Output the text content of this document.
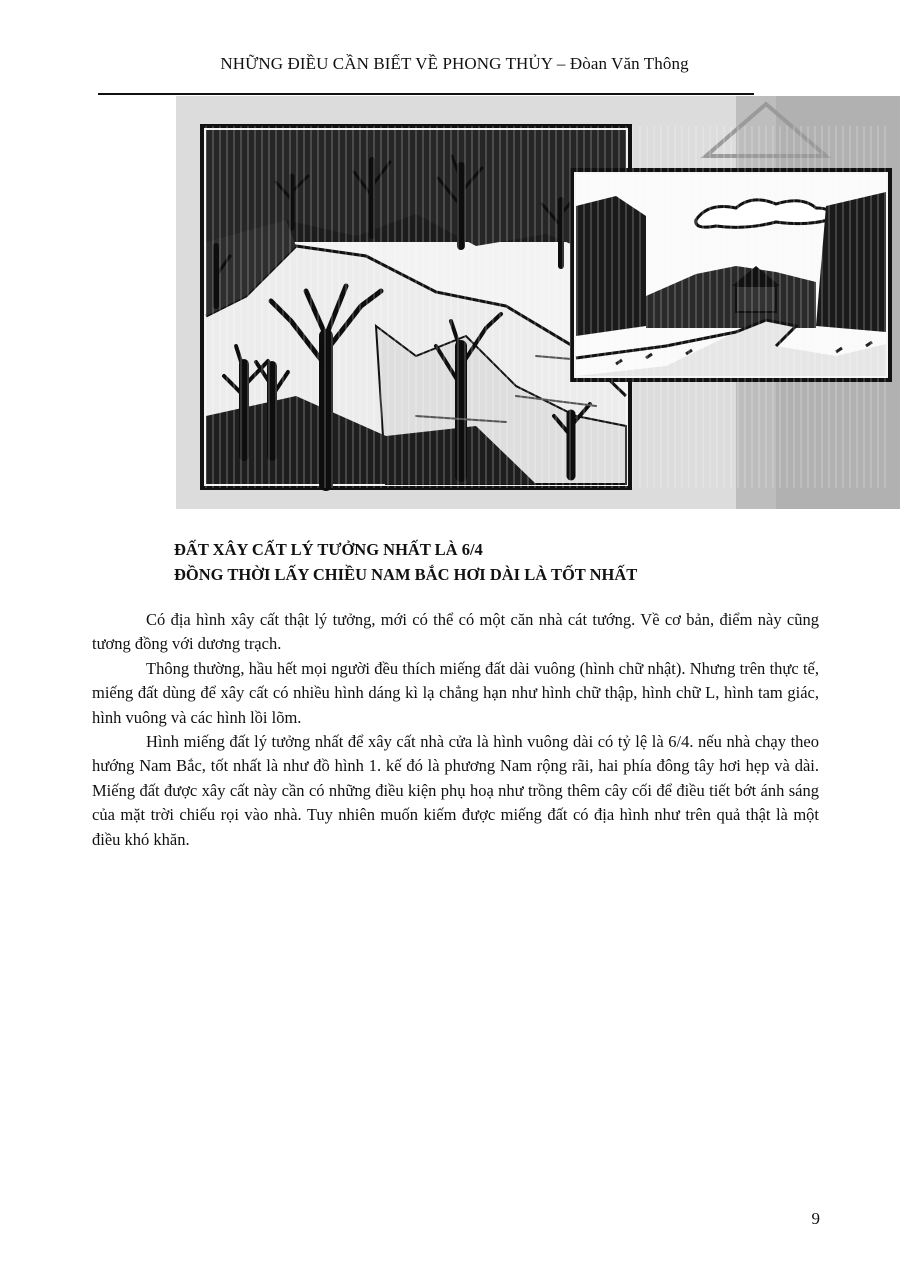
NHỮNG ĐIỀU CẦN BIẾT VỀ PHONG THỦY – Đòan Văn Thông
ĐẤT XÂY CẤT LÝ TƯỞNG NHẤT LÀ 6/4
ĐỒNG THỜI LẤY CHIỀU NAM BẮC HƠI DÀI LÀ TỐT NHẤT

Có địa hình xây cất thật lý tưởng, mới có thể có một căn nhà cát tướng. Về cơ bản, điểm này cũng tương đồng với dương trạch.

Thông thường, hầu hết mọi người đều thích miếng đất dài vuông (hình chữ nhật). Nhưng trên thực tế, miếng đất dùng để xây cất có nhiều hình dáng kì lạ chẳng hạn như hình chữ thập, hình chữ L, hình tam giác, hình vuông và các hình lồi lõm.

Hình miếng đất lý tưởng nhất để xây cất nhà cửa là hình vuông dài có tỷ lệ là 6/4. nếu nhà chạy theo hướng Nam Bắc, tốt nhất là như đồ hình 1. kế đó là phương Nam rộng rãi, hai phía đông tây hơi hẹp và dài. Miếng đất được xây cất này cần có những điều kiện phụ hoạ như trồng thêm cây cối để điều tiết bớt ánh sáng của mặt trời chiếu rọi vào nhà. Tuy nhiên muốn kiếm được miếng đất có địa hình như trên quả thật là một điều khó khăn.

9
